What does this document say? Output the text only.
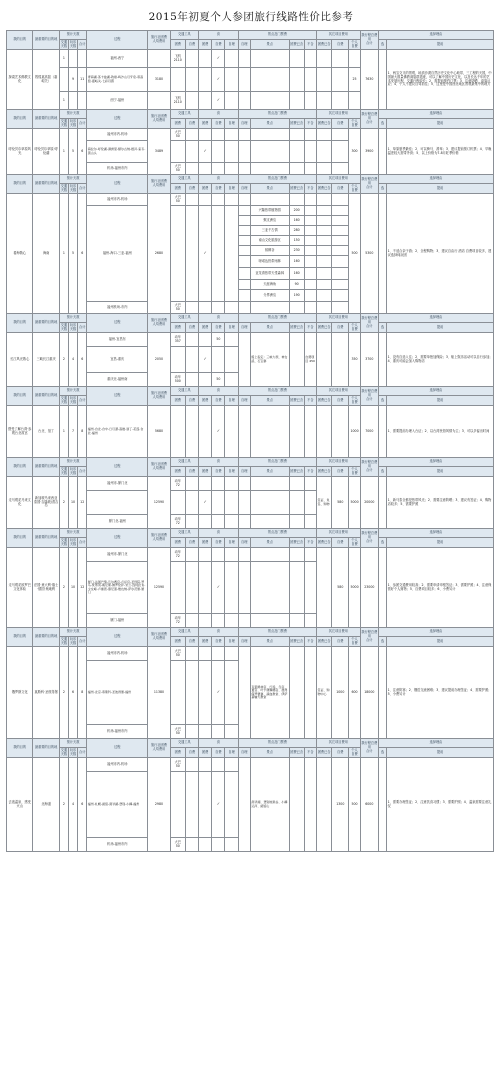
2015年初夏个人参团旅行线路性价比参考
我的目的	最重要的目的地	预计天数			过程	旅行社团费
人均费用	交通工具		食			景点及门票费				其它项目费用			我行程总费用
合计	选择理由	
		交通天数	玩乐天数	合计			团费	自费	团费	自费	自理	自理	景点	团费已含	不含	团费已含	自费	个人自费		选	提前
探索艺术佛教文化	敦煌莫高窟（嘉峪关）	1			福州-西宁		飞机
2110			✓									7630		1、两宝交叉的景观，地质沙漠自然历史文化中心地带，三工程的天国，中国最大数量佛教洞窟群遗迹，可以了解中国历史文化，以及长达千年的艺术发展历程，交通行程较长；2、需提前预约门票；3、注意防晒、高原反应；4、个人不建议自驾前往；5、这里是中国西北地区景观最集中的地方
			9	11	青海湖-茶卡盐湖-敦煌-鸣沙山月牙泉-莫高窟-嘉峪关-七彩丹霞	3180				✓								25			
		1			西宁-福州		飞机
2110			✓											
我的目的	最重要的目的地	预计天数			过程	旅行社团费
人均费用	交通工具		食			景点及门票费				其它项目费用			我行程总费用
合计	选择理由	
		交通天数	玩乐天数	合计			团费	自费	团费	自费	自理	自理	景点	团费已含	不含	团费已含	自费	个人自费		选	提前
呼伦贝尔草原风光	呼伦贝尔草原·呼伦湖	1	5	6	福州市内-机场	3489	大巴
50											300	3900		1、草原夏季最佳；2、可以骑马、滑草；3、建议提前预订机票；4、早晚温差较大需带外套；5、以上价格为7-8月旺季价格
					海拉尔-呼伦湖-满洲里-额尔古纳-根河-室韦-黑山头				✓												
					机场-福州市内		大巴
50														
我的目的	最重要的目的地	预计天数			过程	旅行社团费
人均费用	交通工具		食			景点及门票费				其它项目费用			我行程总费用
合计	选择理由	
		交通天数	玩乐天数	合计			团费	自费	团费	自费	自理	自理	景点	团费已含	不含	团费已含	自费	个人自费		选	提前
看海散心	海南	1	5	6	福州市内-机场	2680	大巴
50											500	5300		1、不适合亲子游；2、全程购物；3、建议自由行 酒店 自费项目较多，建议选择纯玩团
					福州-海口-三亚-福州				✓				兴隆热带植物园	200							
													蜈支洲岛	160							
													三亚千古情	280							
													南山文化旅游区	150							
													槟榔谷	230							
													呀诺达热带雨林	160							
													亚龙湾热带天堂森林	160							
													天涯海角	90							
													分界洲岛	190							
					福州机场-市内		大巴
50														
我的目的	最重要的目的地	预计天数			过程	旅行社团费
人均费用	交通工具		食			景点及门票费				其它项目费用			我行程总费用
合计	选择理由	
		交通天数	玩乐天数	合计			团费	自费	团费	自费	自理	自理	景点	团费已含	不含	团费已含	自费	个人自费		选	提前
长江风光散心	三峡长江重庆	2	4	6	福州-宜昌东	2050	动车
357			50			船上指定：三峡大坝、神女溪、石宝寨		自费项目 450			350	3700		1、没有自选入住；2、需要单独加保险；3、船上娱乐活动可以自行参加；4、重庆可能会加入购物店
					宜昌-重庆				✓												
					重庆北-福州南		动车
500			50											
我的目的	最重要的目的地	预计天数			过程	旅行社团费
人均费用	交通工具		食			景点及门票费				其它项目费用			我行程总费用
合计	选择理由	
		交通天数	玩乐天数	合计			团费	自费	团费	自费	自理	自理	景点	团费已含	不含	团费已含	自费	个人自费		选	提前
感受了解台湾·参观台北故宫	台北、垦丁	1	7	8	福州-台北-台中-日月潭-高雄-垦丁-花莲-台北-福州	5680				✓								1000	7000		1、需要提前办理入台证；2、以台湾民俗风情为主；3、可以多留出时间
我的目的	最重要的目的地	预计天数			过程	旅行社团费
人均费用	交通工具		食			景点及门票费				其它项目费用			我行程总费用
合计	选择理由	
		交通天数	玩乐天数	合计			团费	自费	团费	自费	自理	自理	景点	团费已含	不含	团费已含	自费	个人自费		选	提前
走马观花马来文化	新加坡马来西亚泰国·吉隆坡/普吉岛	2	10	12	福州市-厦门北	12590	动车
72									签证、免签、购物	580	5000	20000		1、新马泰全都是热带风光；2、需要注意防晒；3、建议有签证；4、购物店较多；5、需要护照
									✓												
					厦门北-福州		动车
72														
我的目的	最重要的目的地	预计天数			过程	旅行社团费
人均费用	交通工具		食			景点及门票费				其它项目费用			我行程总费用
合计	选择理由	
		交通天数	玩乐天数	合计			团费	自费	团费	自费	自理	自理	景点	团费已含	不含	团费已含	自费	个人自费		选	提前
走马观花欧罗巴文化体验	法国·意大利·瑞士·德国·奥地利	2	10	12	福州市-厦门北	12590	动车
72										580	5000	23000		1、参团交通费用较高；2、需要申请申根签证；3、需要护照；4、注意保管好个人财物；5、自费项目较多；6、小费另计
					厦门-法国巴黎-凡尔赛宫-卢浮宫-圣母院-罗马-梵蒂冈-威尼斯-佛罗伦萨-米兰-因特拉肯-少女峰-卢塞恩-慕尼黑-维也纳-萨尔茨堡-厦门					✓											
					厦门-福州		动车
72														
我的目的	最重要的目的地	预计天数			过程	旅行社团费
人均费用	交通工具		食			景点及门票费				其它项目费用			我行程总费用
合计	选择理由	
		交通天数	玩乐天数	合计			团费	自费	团费	自费	自理	自理	景点	团费已含	不含	团费已含	自费	个人自费		选	提前
俄罗斯文化	莫斯科·圣彼得堡	2	6	8	福州市内-机场	11380	大巴
50						克里姆林宫、红场、冬宫、夏宫、叶卡捷琳娜宫、彼得保罗要塞、滴血教堂、伊萨基辅大教堂			签证、购物中心	1000	600	18000		1、注意防寒；2、俄语交流困难；3、建议提前办理签证；4、需要护照；5、小费另计
					福州-北京-莫斯科-圣彼得堡-福州					✓											
					机场-福州市内		大巴
50														
我的目的	最重要的目的地	预计天数			过程	旅行社团费
人均费用	交通工具		食			景点及门票费				其它项目费用			我行程总费用
合计	选择理由	
		交通天数	玩乐天数	合计			团费	自费	团费	自费	自理	自理	景点	团费已含	不含	团费已含	自费	个人自费		选	提前
去泡温泉、感受火山	北海道	2	4	6	福州市内-机场	2980	大巴
50						洞爷湖、登别地狱谷、小樽运河、函馆山				1300	500	6000		1、需要办理签证；2、注意饮食习惯；3、需要护照；4、温泉需要注意礼仪
					福州-札幌-函馆-洞爷湖-登别-小樽-福州					✓											
					机场-福州市内		大巴
50														
